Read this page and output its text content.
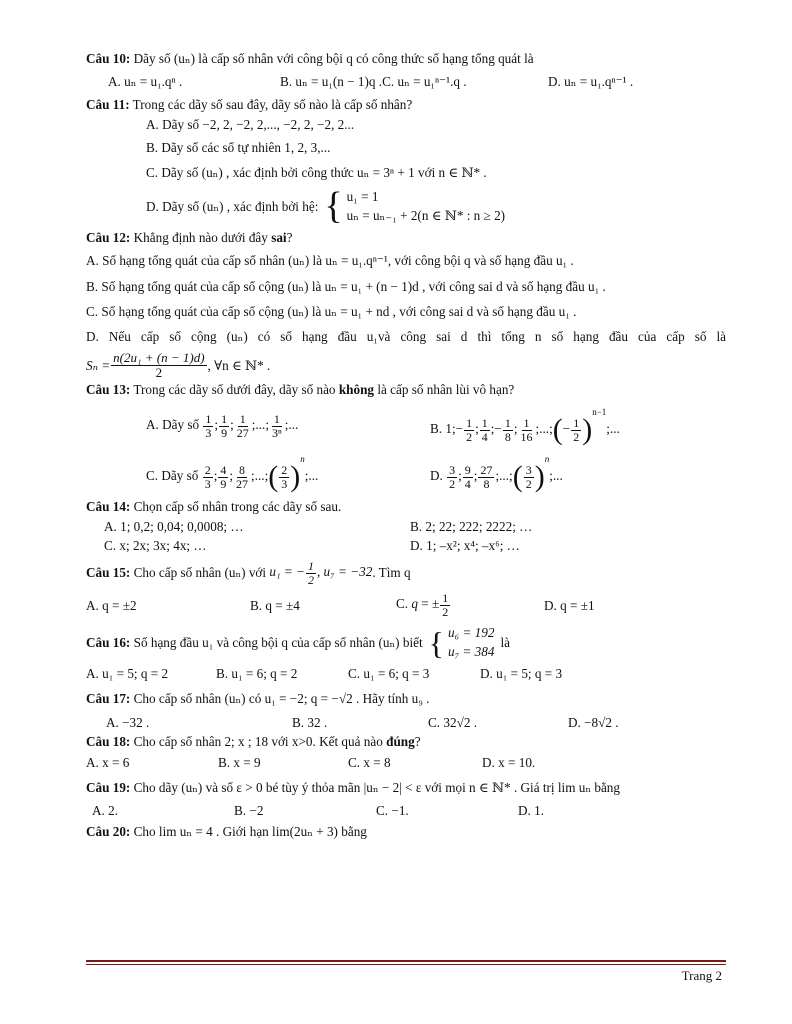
Câu 10: Dãy số (uₙ) là cấp số nhân với công bội q có công thức số hạng tổng quát là

A. uₙ = u₁.qⁿ .	B. uₙ = u₁(n − 1)q .C. uₙ = u₁ⁿ⁻¹.q .	D. uₙ = u₁.qⁿ⁻¹ .

Câu 11: Trong các dãy số sau đây, dãy số nào là cấp số nhân?

A. Dãy số −2, 2, −2, 2,..., −2, 2, −2, 2...
B. Dãy số các số tự nhiên 1, 2, 3,...
C. Dãy số (uₙ) , xác định bởi công thức uₙ = 3ⁿ + 1 với n ∈ ℕ* .
D. Dãy số (uₙ) , xác định bởi hệ: { u₁ = 1
uₙ = uₙ₋₁ + 2(n ∈ ℕ* : n ≥ 2)

Câu 12: Khẳng định nào dưới đây sai?

A. Số hạng tổng quát của cấp số nhân (uₙ) là uₙ = u₁.qⁿ⁻¹, với công bội q và số hạng đầu u₁ .
B. Số hạng tổng quát của cấp số cộng (uₙ) là uₙ = u₁ + (n − 1)d , với công sai d và số hạng đầu u₁ .
C. Số hạng tổng quát của cấp số cộng (uₙ) là uₙ = u₁ + nd , với công sai d và số hạng đầu u₁ .
D. Nếu cấp số cộng (uₙ) có số hạng đầu u₁và công sai d thì tổng n số hạng đầu của cấp số là
$S_n = \frac{\text{n(2u₁ + (n − 1)d)}}{2}$ , ∀n ∈ ℕ* .

Câu 13: Trong các dãy số dưới đây, dãy số nào không là cấp số nhân lùi vô hạn?

A. Dãy số $\frac{1}{3}$ ; $\frac{1}{9}$ ; $\frac{1}{27}$ ;...; $\frac{1}{\text{3ⁿ}}$ ;...	B. 1;− $\frac{1}{2}$ ; $\frac{1}{4}$ ;− $\frac{1}{8}$ ; $\frac{1}{16}$ ;...;(− $\frac{1}{2} )^{n-1}$;...
C. Dãy số $\frac{2}{3}$ ; $\frac{4}{9}$ ; $\frac{8}{27}$ ;...;( $\frac{2}{3} )^n$;...	D. $\frac{3}{2}$ ; $\frac{9}{4}$ ; $\frac{27}{8}$ ;...;( $\frac{3}{2} )^n$;...

Câu 14: Chọn cấp số nhân trong các dãy số sau.

A. 1; 0,2; 0,04; 0,0008; …	B. 2; 22; 222; 2222; …
C. x; 2x; 3x; 4x; …	D. 1; –x²; x⁴; –x⁶; …

Câu 15:
Cho cấp số nhân (uₙ) với
u₁ = − $\frac{1}{2}$ , u₇ = −32 . Tìm q

A. q = ±2	B. q = ±4	C. q = ± $\frac{1}{2}$	D. q = ±1

Câu 16:
Số hạng đầu u₁ và công bội q của cấp số nhân (uₙ) biết { u₆ = 192
u₇ = 384
là

A. u₁ = 5; q = 2	B. u₁ = 6; q = 2	C. u₁ = 6; q = 3	D. u₁ = 5; q = 3

Câu 17: Cho cấp số nhân (uₙ) có u₁ = −2; q = −√2 . Hãy tính u₉ .

A. −32 .	B. 32 .	C. 32√2 .	D. −8√2 .

Câu 18: Cho cấp số nhân 2; x ; 18 với x>0. Kết quả nào đúng?

A. x = 6	B. x = 9	C. x = 8	D. x = 10.

Câu 19: Cho dãy (uₙ) và số ε > 0 bé tùy ý thỏa mãn |uₙ − 2| < ε với mọi n ∈ ℕ* . Giá trị lim uₙ bằng

A. 2.	B. −2	C. −1.	D. 1.

Câu 20: Cho lim uₙ = 4 . Giới hạn lim(2uₙ + 3) bằng

Trang 2
